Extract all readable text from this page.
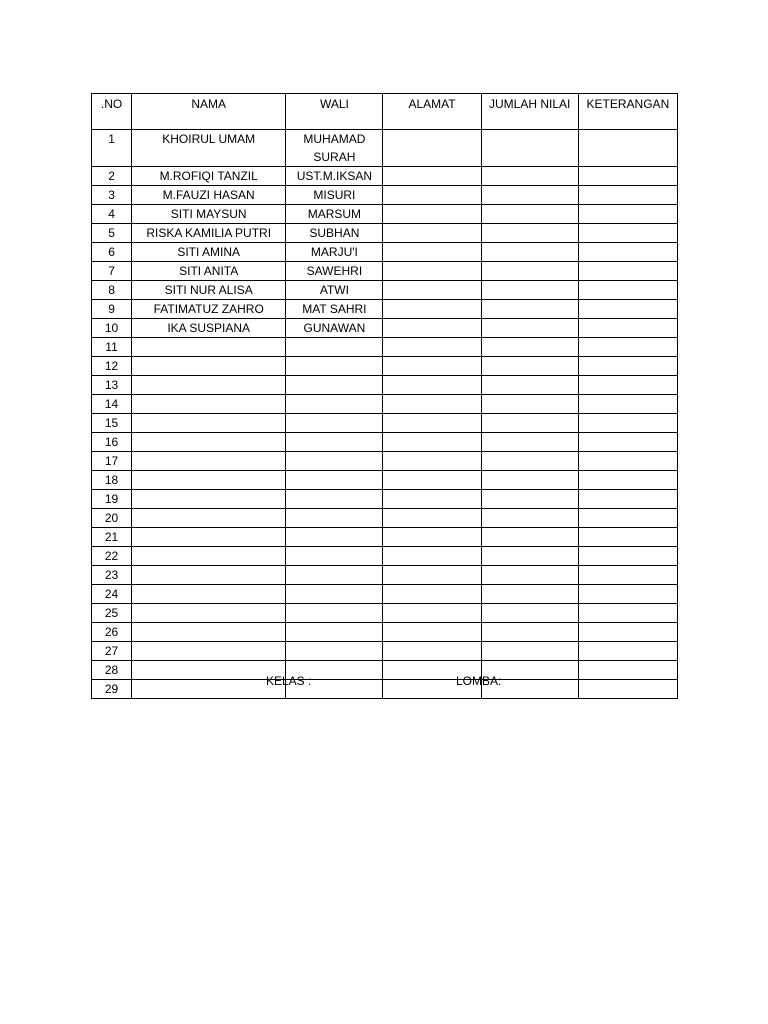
.NO	NAMA	WALI	ALAMAT	JUMLAH NILAI	KETERANGAN
1	KHOIRUL UMAM	MUHAMAD SURAH			
2	M.ROFIQI TANZIL	UST.M.IKSAN			
3	M.FAUZI HASAN	MISURI			
4	SITI MAYSUN	MARSUM			
5	RISKA KAMILIA PUTRI	SUBHAN			
6	SITI AMINA	MARJU'I			
7	SITI ANITA	SAWEHRI			
8	SITI NUR ALISA	ATWI			
9	FATIMATUZ ZAHRO	MAT SAHRI			
10	IKA SUSPIANA	GUNAWAN			
11					
12					
13					
14					
15					
16					
17					
18					
19					
20					
21					
22					
23					
24					
25					
26					
27					
28					
29					
KELAS :	LOMBA:
